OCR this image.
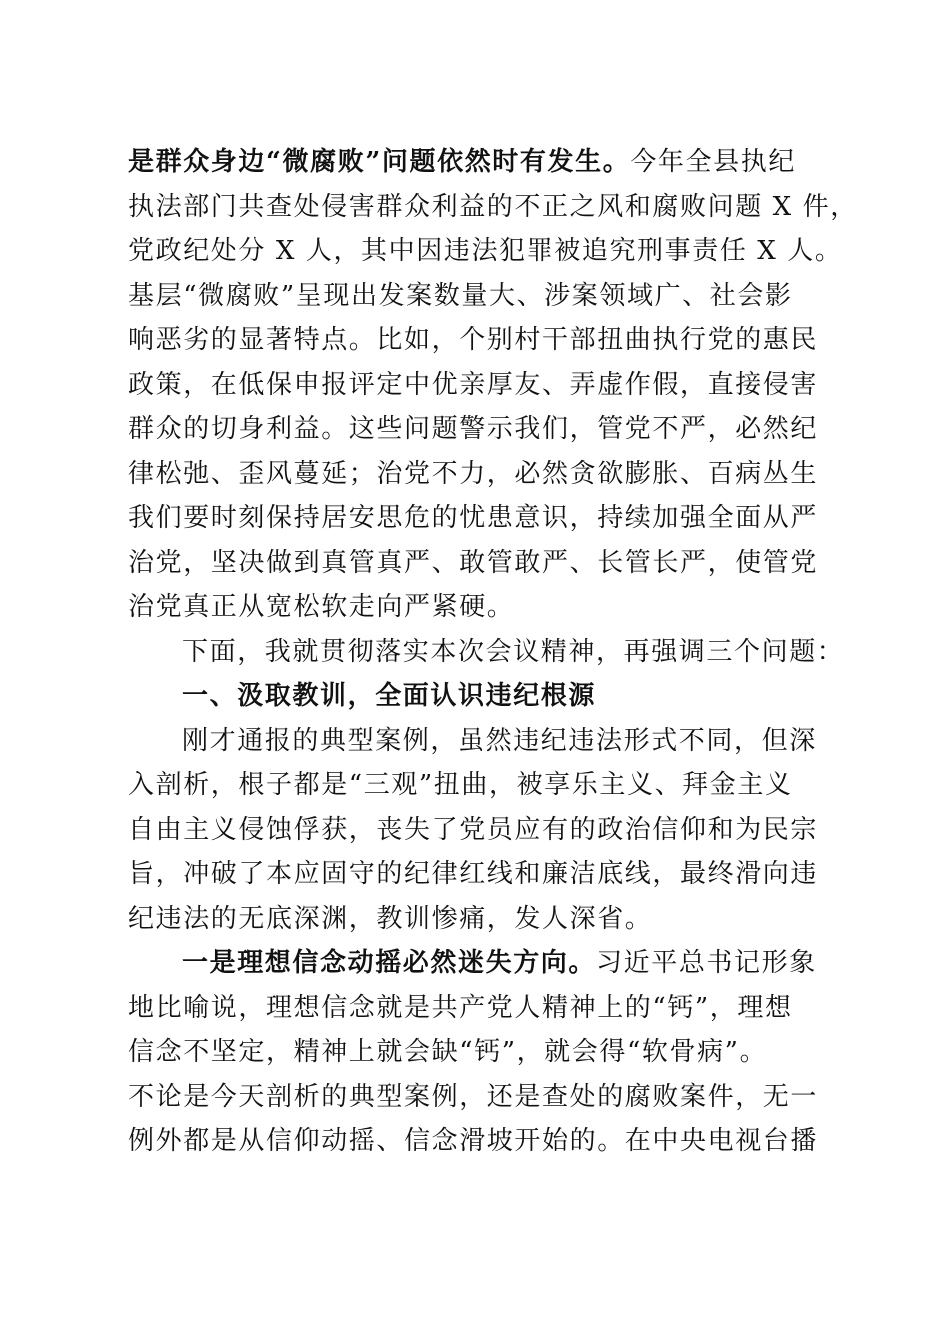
是群众身边“微腐败”问题依然时有发生。今年全县执纪
执法部门共查处侵害群众利益的不正之风和腐败问题 X 件，
党政纪处分 X 人，其中因违法犯罪被追究刑事责任 X 人。
基层“微腐败”呈现出发案数量大、涉案领域广、社会影
响恶劣的显著特点。比如，个别村干部扭曲执行党的惠民
政策，在低保申报评定中优亲厚友、弄虚作假，直接侵害
群众的切身利益。这些问题警示我们，管党不严，必然纪
律松弛、歪风蔓延；治党不力，必然贪欲膨胀、百病丛生
我们要时刻保持居安思危的忧患意识，持续加强全面从严
治党，坚决做到真管真严、敢管敢严、长管长严，使管党
治党真正从宽松软走向严紧硬。
下面，我就贯彻落实本次会议精神，再强调三个问题：
一、汲取教训，全面认识违纪根源
刚才通报的典型案例，虽然违纪违法形式不同，但深
入剖析，根子都是“三观”扭曲，被享乐主义、拜金主义
自由主义侵蚀俘获，丧失了党员应有的政治信仰和为民宗
旨，冲破了本应固守的纪律红线和廉洁底线，最终滑向违
纪违法的无底深渊，教训惨痛，发人深省。
一是理想信念动摇必然迷失方向。习近平总书记形象
地比喻说，理想信念就是共产党人精神上的“钙”，理想
信念不坚定，精神上就会缺“钙”，就会得“软骨病”。
不论是今天剖析的典型案例，还是查处的腐败案件，无一
例外都是从信仰动摇、信念滑坡开始的。在中央电视台播
